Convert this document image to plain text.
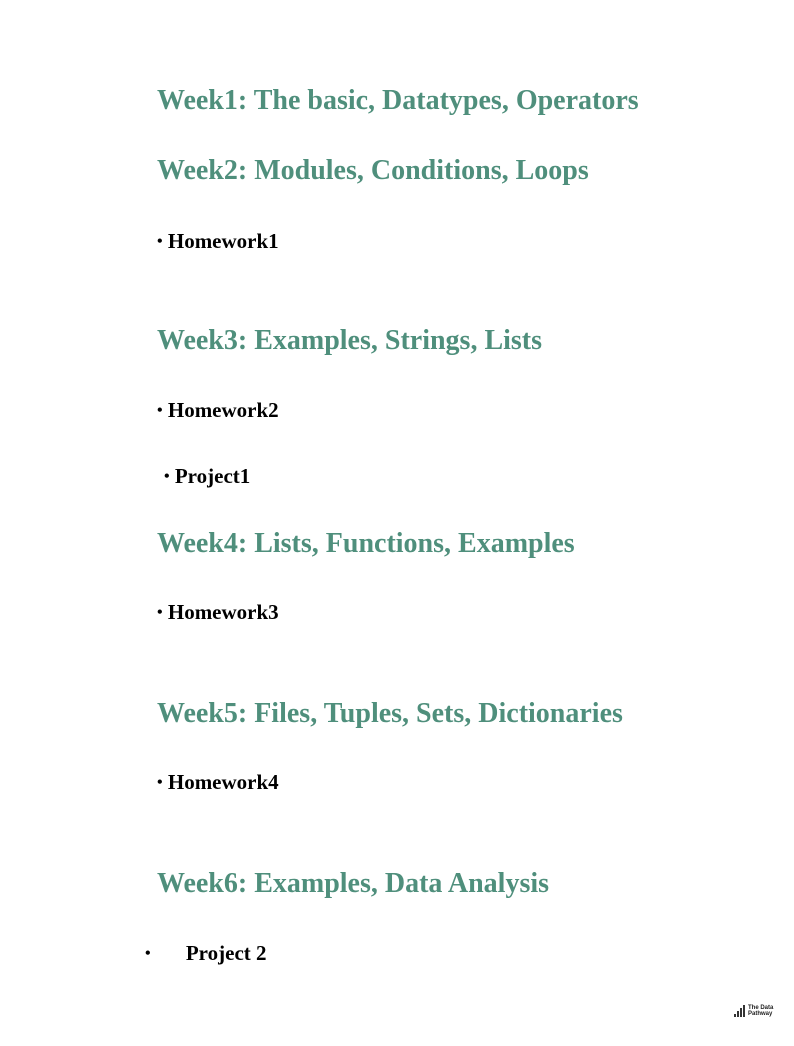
Week1: The basic, Datatypes, Operators
Week2: Modules, Conditions, Loops

• Homework1

Week3: Examples, Strings, Lists

• Homework2

• Project1

Week4: Lists, Functions, Examples

• Homework3

Week5: Files, Tuples, Sets, Dictionaries

• Homework4

Week6: Examples, Data Analysis

• Project 2

The Data
Pathway
